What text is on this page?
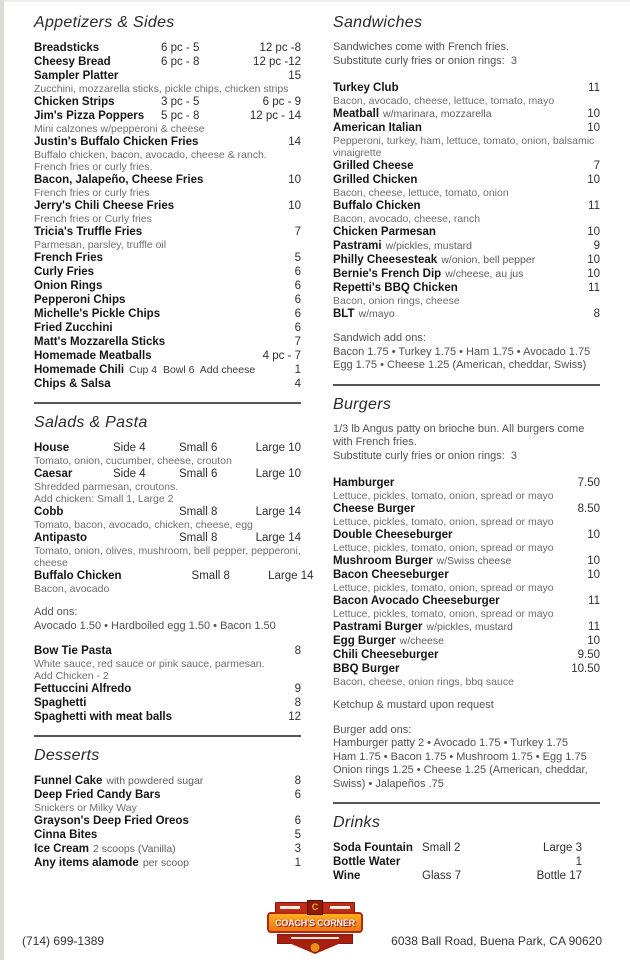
Appetizers & Sides
Breadsticks	6 pc - 5	12 pc -8
Cheesy Bread	6 pc - 8	12 pc -12
Sampler Platter	15
Zucchini, mozzarella sticks, pickle chips, chicken strips
Chicken Strips	3 pc - 5	6 pc - 9
Jim's Pizza Poppers 5 pc - 8	12 pc - 14
Mini calzones w/pepperoni & cheese
Justin's Buffalo Chicken Fries	14
Buffalo chicken, bacon, avocado, cheese & ranch.
French fries or curly fries.
Bacon, Jalapeño, Cheese Fries	10
French fries or curly fries
Jerry's Chili Cheese Fries	10
French fries or Curly fries
Tricia's Truffle Fries	7
Parmesan, parsley, truffle oil
French Fries	5
Curly Fries	6
Onion Rings	6
Pepperoni Chips	6
Michelle's Pickle Chips	6
Fried Zucchini	6
Matt's Mozzarella Sticks	7
Homemade Meatballs	4 pc - 7
Homemade Chili Cup 4  Bowl 6  Add cheese	1
Chips & Salsa	4
Salads & Pasta
House	Side 4	Small 6	Large 10
Tomato, onion, cucumber, cheese, crouton
Caesar	Side 4	Small 6	Large 10
Shredded parmesan, croutons.
Add chicken: Small 1, Large 2
Cobb	Small 8	Large 14
Tomato, bacon, avocado, chicken, cheese, egg
Antipasto	Small 8	Large 14
Tomato, onion, olives, mushroom, bell pepper, pepperoni,
cheese
Buffalo Chicken	Small 8	Large 14
Bacon, avocado
Add ons:
Avocado 1.50 • Hardboiled egg 1.50 • Bacon 1.50
Bow Tie Pasta	8
White sauce, red sauce or pink sauce, parmesan.
Add Chicken - 2
Fettuccini Alfredo	9
Spaghetti	8
Spaghetti with meat balls	12
Desserts
Funnel Cake with powdered sugar	8
Deep Fried Candy Bars	6
Snickers or Milky Way
Grayson's Deep Fried Oreos	6
Cinna Bites	5
Ice Cream 2 scoops (Vanilla)	3
Any items alamode per scoop	1
Sandwiches
Sandwiches come with French fries.
Substitute curly fries or onion rings:  3
Turkey Club	11
Bacon, avocado, cheese, lettuce, tomato, mayo
Meatball w/marinara, mozzarella	10
American Italian	10
Pepperoni, turkey, ham, lettuce, tomato, onion, balsamic
vinaigrette
Grilled Cheese	7
Grilled Chicken	10
Bacon, cheese, lettuce, tomato, onion
Buffalo Chicken	11
Bacon, avocado, cheese, ranch
Chicken Parmesan	10
Pastrami w/pickles, mustard	9
Philly Cheesesteak w/onion, bell pepper	10
Bernie's French Dip w/cheese, au jus	10
Repetti's BBQ Chicken	11
Bacon, onion rings, cheese
BLT w/mayo	8
Sandwich add ons:
Bacon 1.75 • Turkey 1.75 • Ham 1.75 • Avocado 1.75
Egg 1.75 • Cheese 1.25 (American, cheddar, Swiss)
Burgers
1/3 lb Angus patty on brioche bun. All burgers come
with French fries.
Substitute curly fries or onion rings:  3
Hamburger	7.50
Lettuce, pickles, tomato, onion, spread or mayo
Cheese Burger	8.50
Lettuce, pickles, tomato, onion, spread or mayo
Double Cheeseburger	10
Lettuce, pickles, tomato, onion, spread or mayo
Mushroom Burger w/Swiss cheese	10
Bacon Cheeseburger	10
Lettuce, pickles, tomato, onion, spread or mayo
Bacon Avocado Cheeseburger	11
Lettuce, pickles, tomato, onion, spread or mayo
Pastrami Burger w/pickles, mustard	11
Egg Burger w/cheese	10
Chili Cheeseburger	9.50
BBQ Burger	10.50
Bacon, cheese, onion rings, bbq sauce
Ketchup & mustard upon request
Burger add ons:
Hamburger patty 2 • Avocado 1.75 • Turkey 1.75
Ham 1.75 • Bacon 1.75 • Mushroom 1.75 • Egg 1.75
Onion rings 1.25 • Cheese 1.25 (American, cheddar,
Swiss) • Jalapeños .75
Drinks
Soda Fountain Small 2	Large 3
Bottle Water	1
Wine	Glass 7	Bottle 17
(714) 699-1389
C
COACH'S CORNER
6038 Ball Road, Buena Park, CA 90620
